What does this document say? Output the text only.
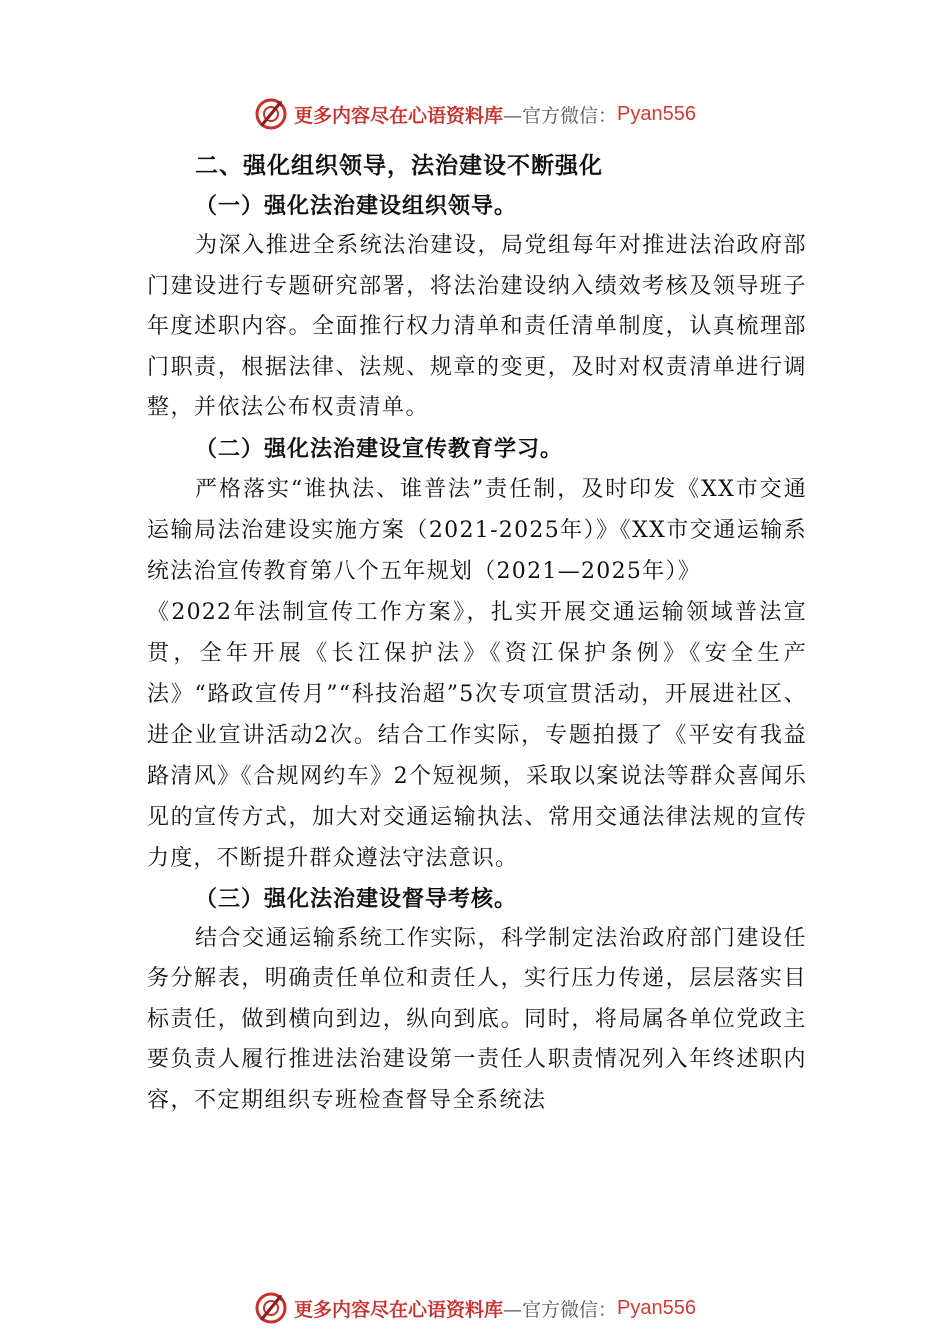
更多内容尽在心语资料库 —官方微信： Pyan556

二、强化组织领导，法治建设不断强化

（一）强化法治建设组织领导。

为深入推进全系统法治建设，局党组每年对推进法治政府部门建设进行专题研究部署，将法治建设纳入绩效考核及领导班子年度述职内容。全面推行权力清单和责任清单制度，认真梳理部门职责，根据法律、法规、规章的变更，及时对权责清单进行调整，并依法公布权责清单。

（二）强化法治建设宣传教育学习。

严格落实“谁执法、谁普法”责任制，及时印发《XX市交通运输局法治建设实施方案（2021-2025年）》《XX市交通运输系统法治宣传教育第八个五年规划（2021—2025年）》

《2022年法制宣传工作方案》，扎实开展交通运输领域普法宣贯，全年开展《长江保护法》《资江保护条例》《安全生产法》“路政宣传月”“科技治超”5次专项宣贯活动，开展进社区、进企业宣讲活动2次。结合工作实际，专题拍摄了《平安有我益路清风》《合规网约车》2个短视频，采取以案说法等群众喜闻乐见的宣传方式，加大对交通运输执法、常用交通法律法规的宣传力度，不断提升群众遵法守法意识。

（三）强化法治建设督导考核。

结合交通运输系统工作实际，科学制定法治政府部门建设任务分解表，明确责任单位和责任人，实行压力传递，层层落实目标责任，做到横向到边，纵向到底。同时，将局属各单位党政主要负责人履行推进法治建设第一责任人职责情况列入年终述职内容，不定期组织专班检查督导全系统法

更多内容尽在心语资料库 —官方微信： Pyan556
